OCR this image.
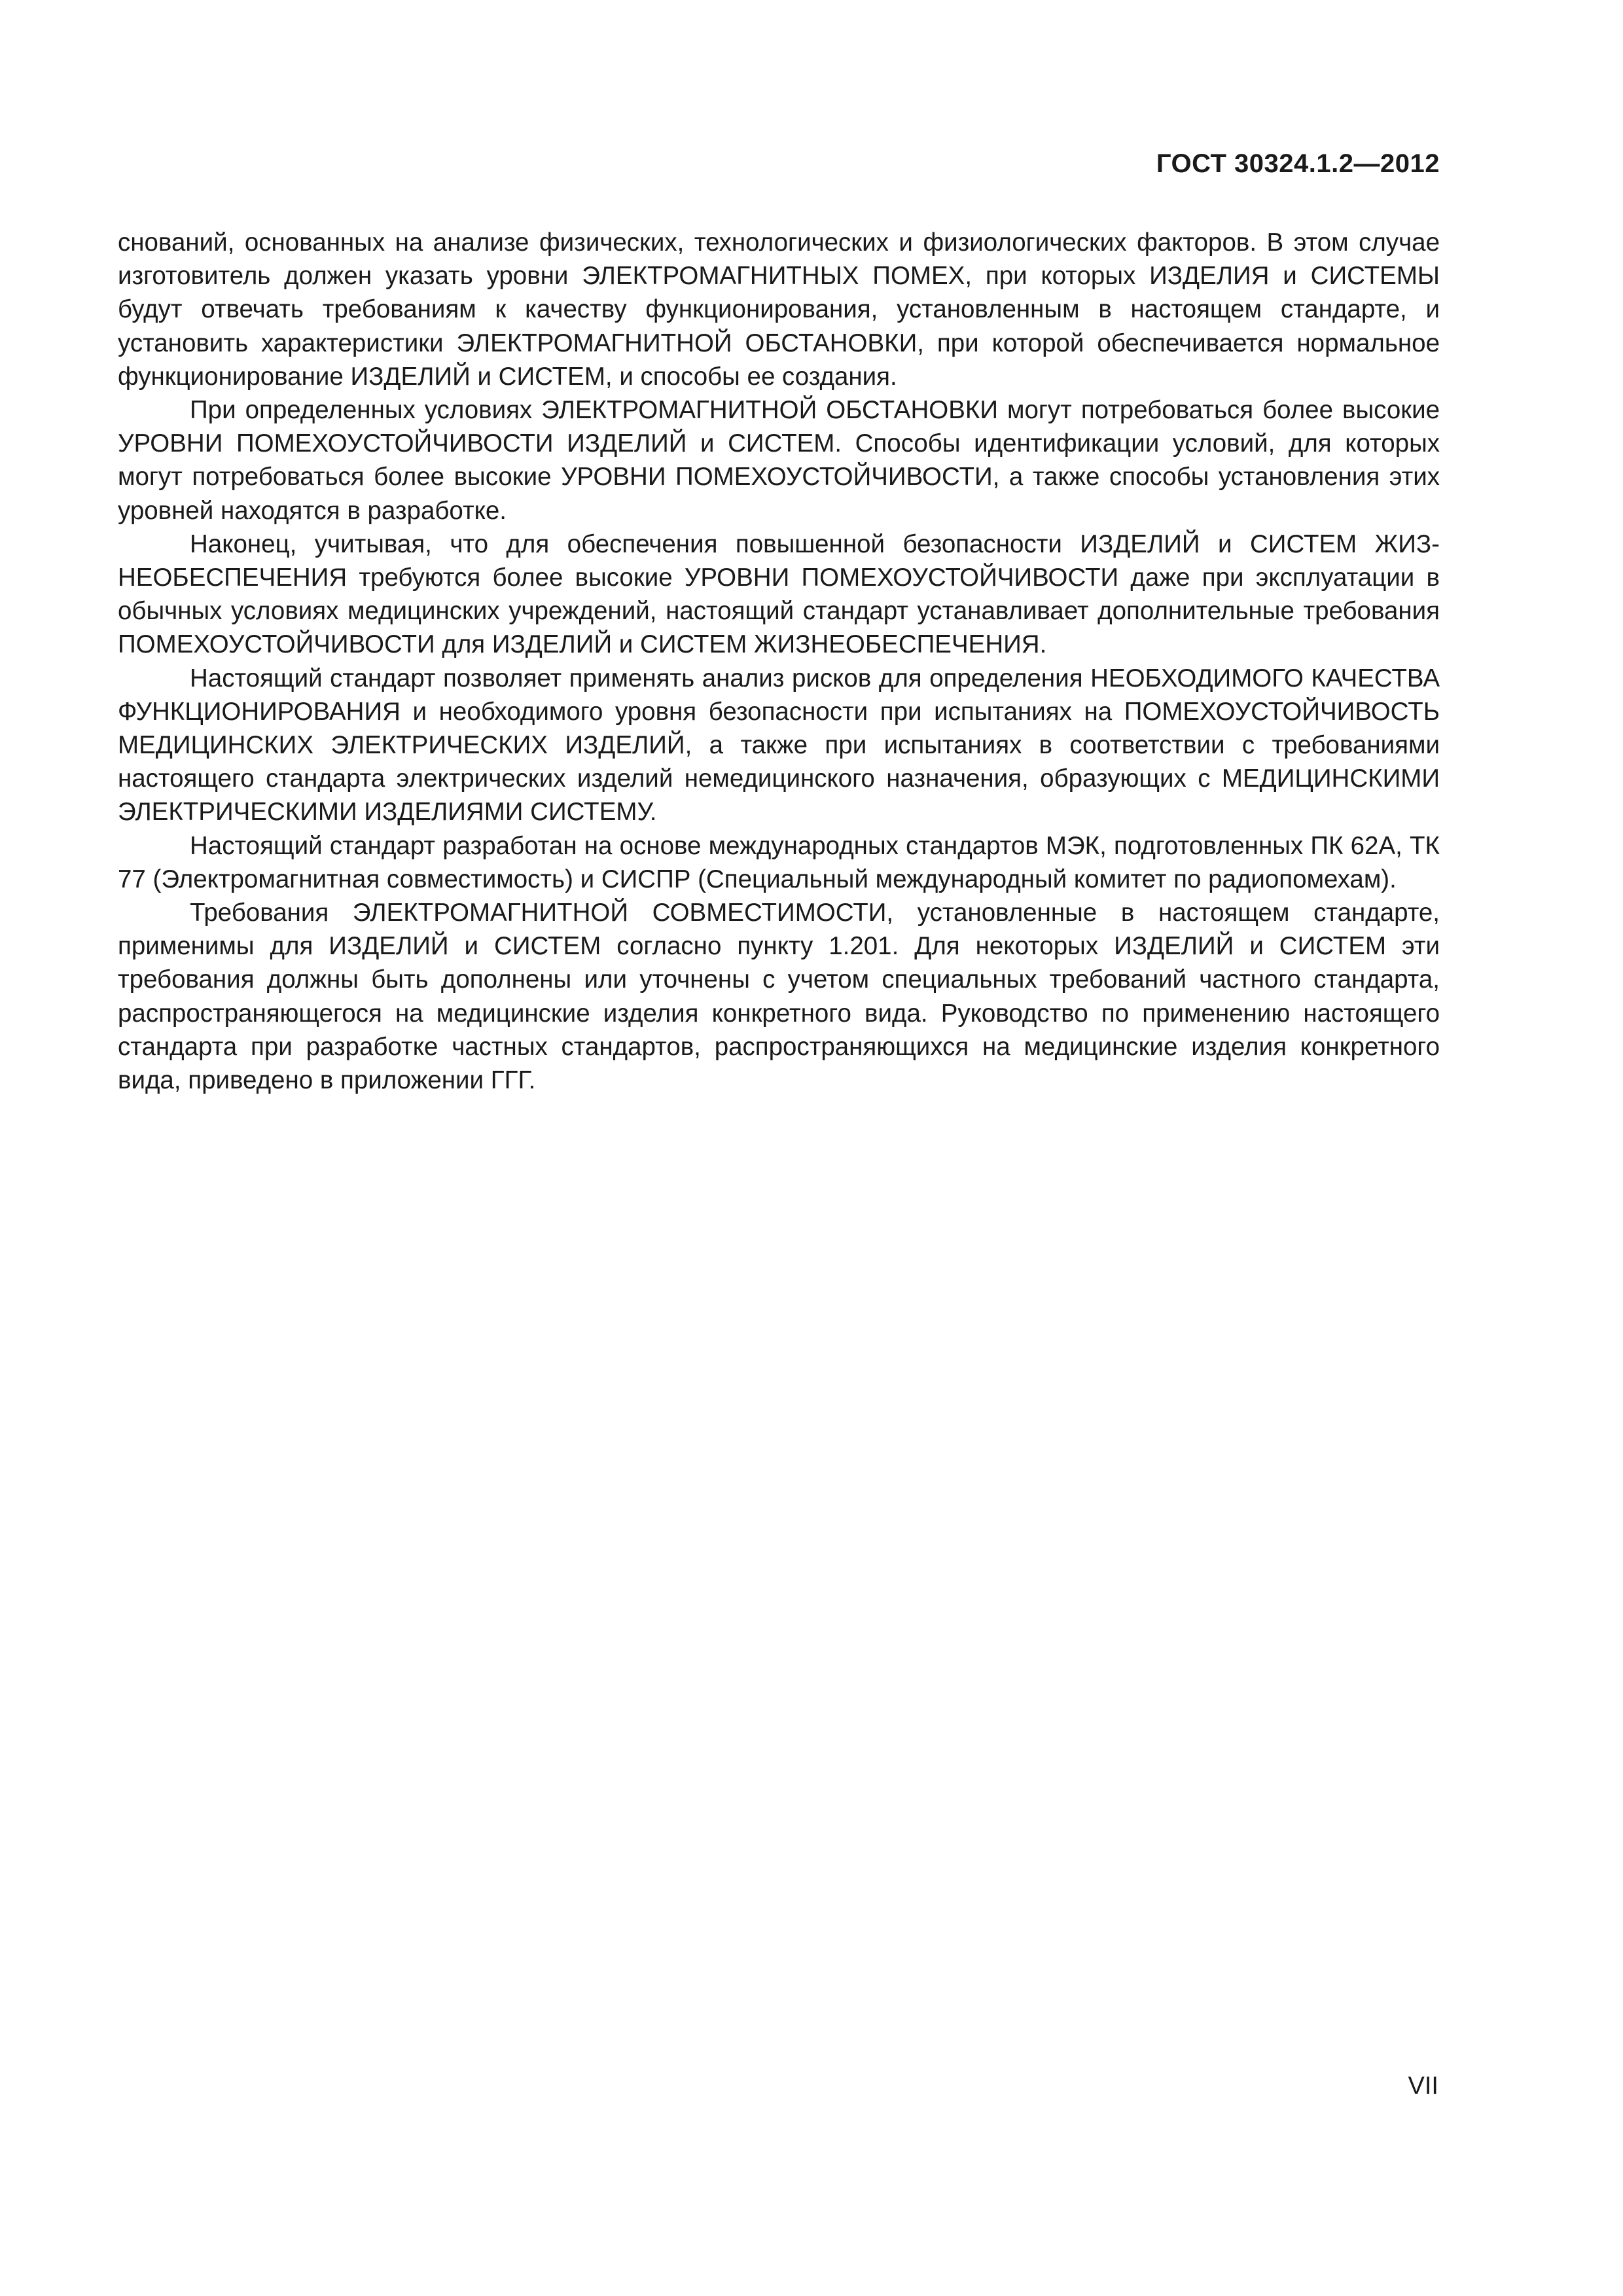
ГОСТ 30324.1.2—2012

снований, основанных на анализе физических, технологических и физиологических факторов. В этом случае изготовитель должен указать уровни ЭЛЕКТРОМАГНИТНЫХ ПОМЕХ, при которых ИЗДЕЛИЯ и СИСТЕМЫ будут отвечать требованиям к качеству функционирования, установленным в настоящем стандарте, и установить характеристики ЭЛЕКТРОМАГНИТНОЙ ОБСТАНОВКИ, при которой обеспечивается нормальное функционирование ИЗДЕЛИЙ и СИСТЕМ, и способы ее создания.

При определенных условиях ЭЛЕКТРОМАГНИТНОЙ ОБСТАНОВКИ могут потребоваться более высокие УРОВНИ ПОМЕХОУСТОЙЧИВОСТИ ИЗДЕЛИЙ и СИСТЕМ. Способы идентификации условий, для которых могут потребоваться более высокие УРОВНИ ПОМЕХОУСТОЙЧИВОСТИ, а также способы установления этих уровней находятся в разработке.

Наконец, учитывая, что для обеспечения повышенной безопасности ИЗДЕЛИЙ и СИСТЕМ ЖИЗНЕОБЕСПЕЧЕНИЯ требуются более высокие УРОВНИ ПОМЕХОУСТОЙЧИВОСТИ даже при эксплуатации в обычных условиях медицинских учреждений, настоящий стандарт устанавливает дополнительные требования ПОМЕХОУСТОЙЧИВОСТИ для ИЗДЕЛИЙ и СИСТЕМ ЖИЗНЕОБЕСПЕЧЕНИЯ.

Настоящий стандарт позволяет применять анализ рисков для определения НЕОБХОДИМОГО КАЧЕСТВА ФУНКЦИОНИРОВАНИЯ и необходимого уровня безопасности при испытаниях на ПОМЕХОУСТОЙЧИВОСТЬ МЕДИЦИНСКИХ ЭЛЕКТРИЧЕСКИХ ИЗДЕЛИЙ, а также при испытаниях в соответствии с требованиями настоящего стандарта электрических изделий немедицинского назначения, образующих с МЕДИЦИНСКИМИ ЭЛЕКТРИЧЕСКИМИ ИЗДЕЛИЯМИ СИСТЕМУ.

Настоящий стандарт разработан на основе международных стандартов МЭК, подготовленных ПК 62А, ТК 77 (Электромагнитная совместимость) и СИСПР (Специальный международный комитет по радиопомехам).

Требования ЭЛЕКТРОМАГНИТНОЙ СОВМЕСТИМОСТИ, установленные в настоящем стандарте, применимы для ИЗДЕЛИЙ и СИСТЕМ согласно пункту 1.201. Для некоторых ИЗДЕЛИЙ и СИСТЕМ эти требования должны быть дополнены или уточнены с учетом специальных требований частного стандарта, распространяющегося на медицинские изделия конкретного вида. Руководство по применению настоящего стандарта при разработке частных стандартов, распространяющихся на медицинские изделия конкретного вида, приведено в приложении ГГГ.

VII
